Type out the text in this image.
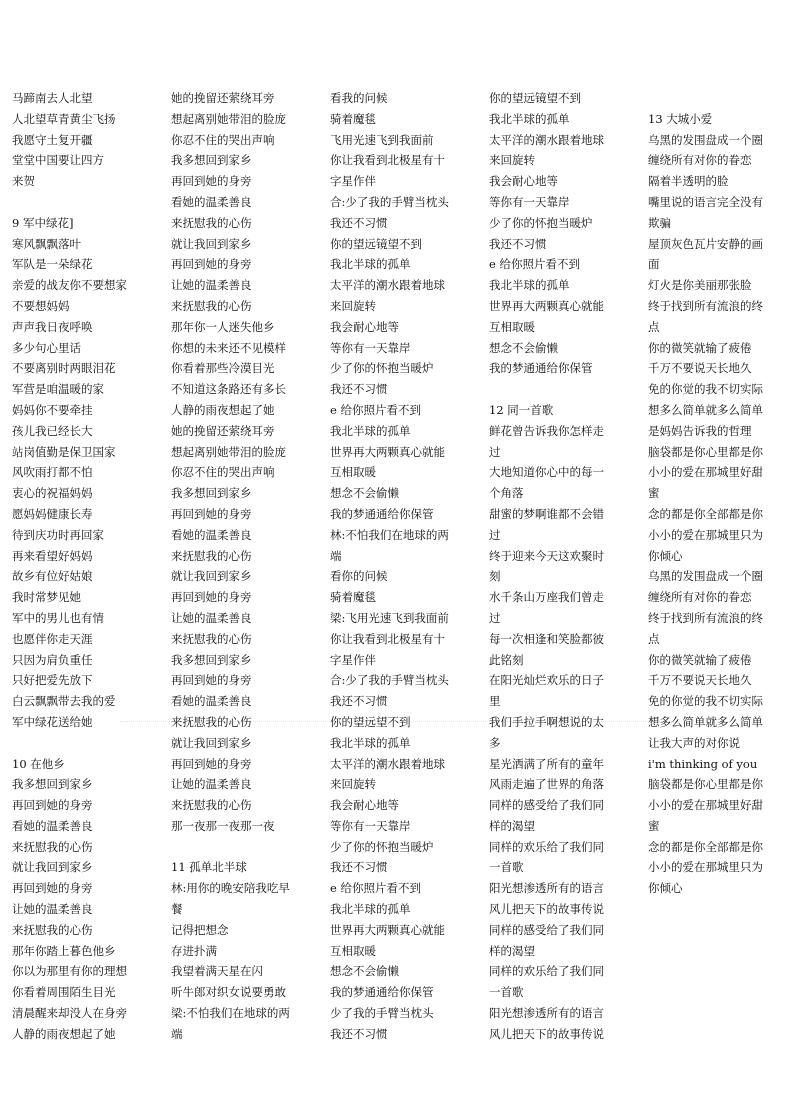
马蹄南去人北望
人北望草青黄尘飞扬
我愿守土复开疆
堂堂中国要让四方
来贺
9 军中绿花]
寒风飘飘落叶
军队是一朵绿花
亲爱的战友你不要想家
不要想妈妈
声声我日夜呼唤
多少句心里话
不要离别时两眼泪花
军营是咱温暖的家
妈妈你不要牵挂
孩儿我已经长大
站岗值勤是保卫国家
风吹雨打都不怕
衷心的祝福妈妈
愿妈妈健康长寿
待到庆功时再回家
再来看望好妈妈
故乡有位好姑娘
我时常梦见她
军中的男儿也有情
也愿伴你走天涯
只因为肩负重任
只好把爱先放下
白云飘飘带去我的爱
军中绿花送给她
10 在他乡
我多想回到家乡
再回到她的身旁
看她的温柔善良
来抚慰我的心伤
就让我回到家乡
再回到她的身旁
让她的温柔善良
来抚慰我的心伤
那年你踏上暮色他乡
你以为那里有你的理想
你看着周围陌生目光
清晨醒来却没人在身旁
人静的雨夜想起了她
她的挽留还萦绕耳旁
想起离别她带泪的脸庞
你忍不住的哭出声响
我多想回到家乡
再回到她的身旁
看她的温柔善良
来抚慰我的心伤
就让我回到家乡
再回到她的身旁
让她的温柔善良
来抚慰我的心伤
那年你一人迷失他乡
你想的未来还不见模样
你看着那些冷漠目光
不知道这条路还有多长
人静的雨夜想起了她
她的挽留还萦绕耳旁
想起离别她带泪的脸庞
你忍不住的哭出声响
我多想回到家乡
再回到她的身旁
看她的温柔善良
来抚慰我的心伤
就让我回到家乡
再回到她的身旁
让她的温柔善良
来抚慰我的心伤
我多想回到家乡
再回到她的身旁
看她的温柔善良
来抚慰我的心伤
就让我回到家乡
再回到她的身旁
让她的温柔善良
来抚慰我的心伤
那一夜那一夜那一夜
11 孤单北半球
林:用你的晚安陪我吃早
餐
记得把想念
存进扑满
我望着满天星在闪
听牛郎对织女说要勇敢
梁:不怕我们在地球的两
端
看我的问候
骑着魔毯
飞用光速飞到我面前
你让我看到北极星有十
字星作伴
合:少了我的手臂当枕头
我还不习惯
你的望远镜望不到
我北半球的孤单
太平洋的潮水跟着地球
来回旋转
我会耐心地等
等你有一天靠岸
少了你的怀抱当暖炉
我还不习惯
e 给你照片看不到
我北半球的孤单
世界再大两颗真心就能
互相取暖
想念不会偷懒
我的梦通通给你保管
林:不怕我们在地球的两
端
看你的问候
骑着魔毯
梁:飞用光速飞到我面前
你让我看到北极星有十
字星作伴
合:少了我的手臂当枕头
我还不习惯
你的望远望不到
我北半球的孤单
太平洋的潮水跟着地球
来回旋转
我会耐心地等
等你有一天靠岸
少了你的怀抱当暖炉
我还不习惯
e 给你照片看不到
我北半球的孤单
世界再大两颗真心就能
互相取暖
想念不会偷懒
我的梦通通给你保管
少了我的手臂当枕头
我还不习惯
你的望远镜望不到
我北半球的孤单
太平洋的潮水跟着地球
来回旋转
我会耐心地等
等你有一天靠岸
少了你的怀抱当暖炉
我还不习惯
e 给你照片看不到
我北半球的孤单
世界再大两颗真心就能
互相取暖
想念不会偷懒
我的梦通通给你保管
12 同一首歌
鲜花曾告诉我你怎样走
过
大地知道你心中的每一
个角落
甜蜜的梦啊谁都不会错
过
终于迎来今天这欢聚时
刻
水千条山万座我们曾走
过
每一次相逢和笑脸都彼
此铭刻
在阳光灿烂欢乐的日子
里
我们手拉手啊想说的太
多
星光洒满了所有的童年
风雨走遍了世界的角落
同样的感受给了我们同
样的渴望
同样的欢乐给了我们同
一首歌
阳光想渗透所有的语言
风儿把天下的故事传说
同样的感受给了我们同
样的渴望
同样的欢乐给了我们同
一首歌
阳光想渗透所有的语言
风儿把天下的故事传说
13 大城小爱
乌黑的发围盘成一个圈
缠绕所有对你的眷恋
隔着半透明的脸
嘴里说的语言完全没有
欺骗
屋顶灰色瓦片安静的画
面
灯火是你美丽那张脸
终于找到所有流浪的终
点
你的微笑就输了疲倦
千万不要说天长地久
免的你觉的我不切实际
想多么简单就多么简单
是妈妈告诉我的哲理
脑袋都是你心里都是你
小小的爱在那城里好甜
蜜
念的都是你全部都是你
小小的爱在那城里只为
你倾心
乌黑的发围盘成一个圈
缠绕所有对你的眷恋
终于找到所有流浪的终
点
你的微笑就输了疲倦
千万不要说天长地久
免的你觉的我不切实际
想多么简单就多么简单
让我大声的对你说
i'm thinking of you
脑袋都是你心里都是你
小小的爱在那城里好甜
蜜
念的都是你全部都是你
小小的爱在那城里只为
你倾心
